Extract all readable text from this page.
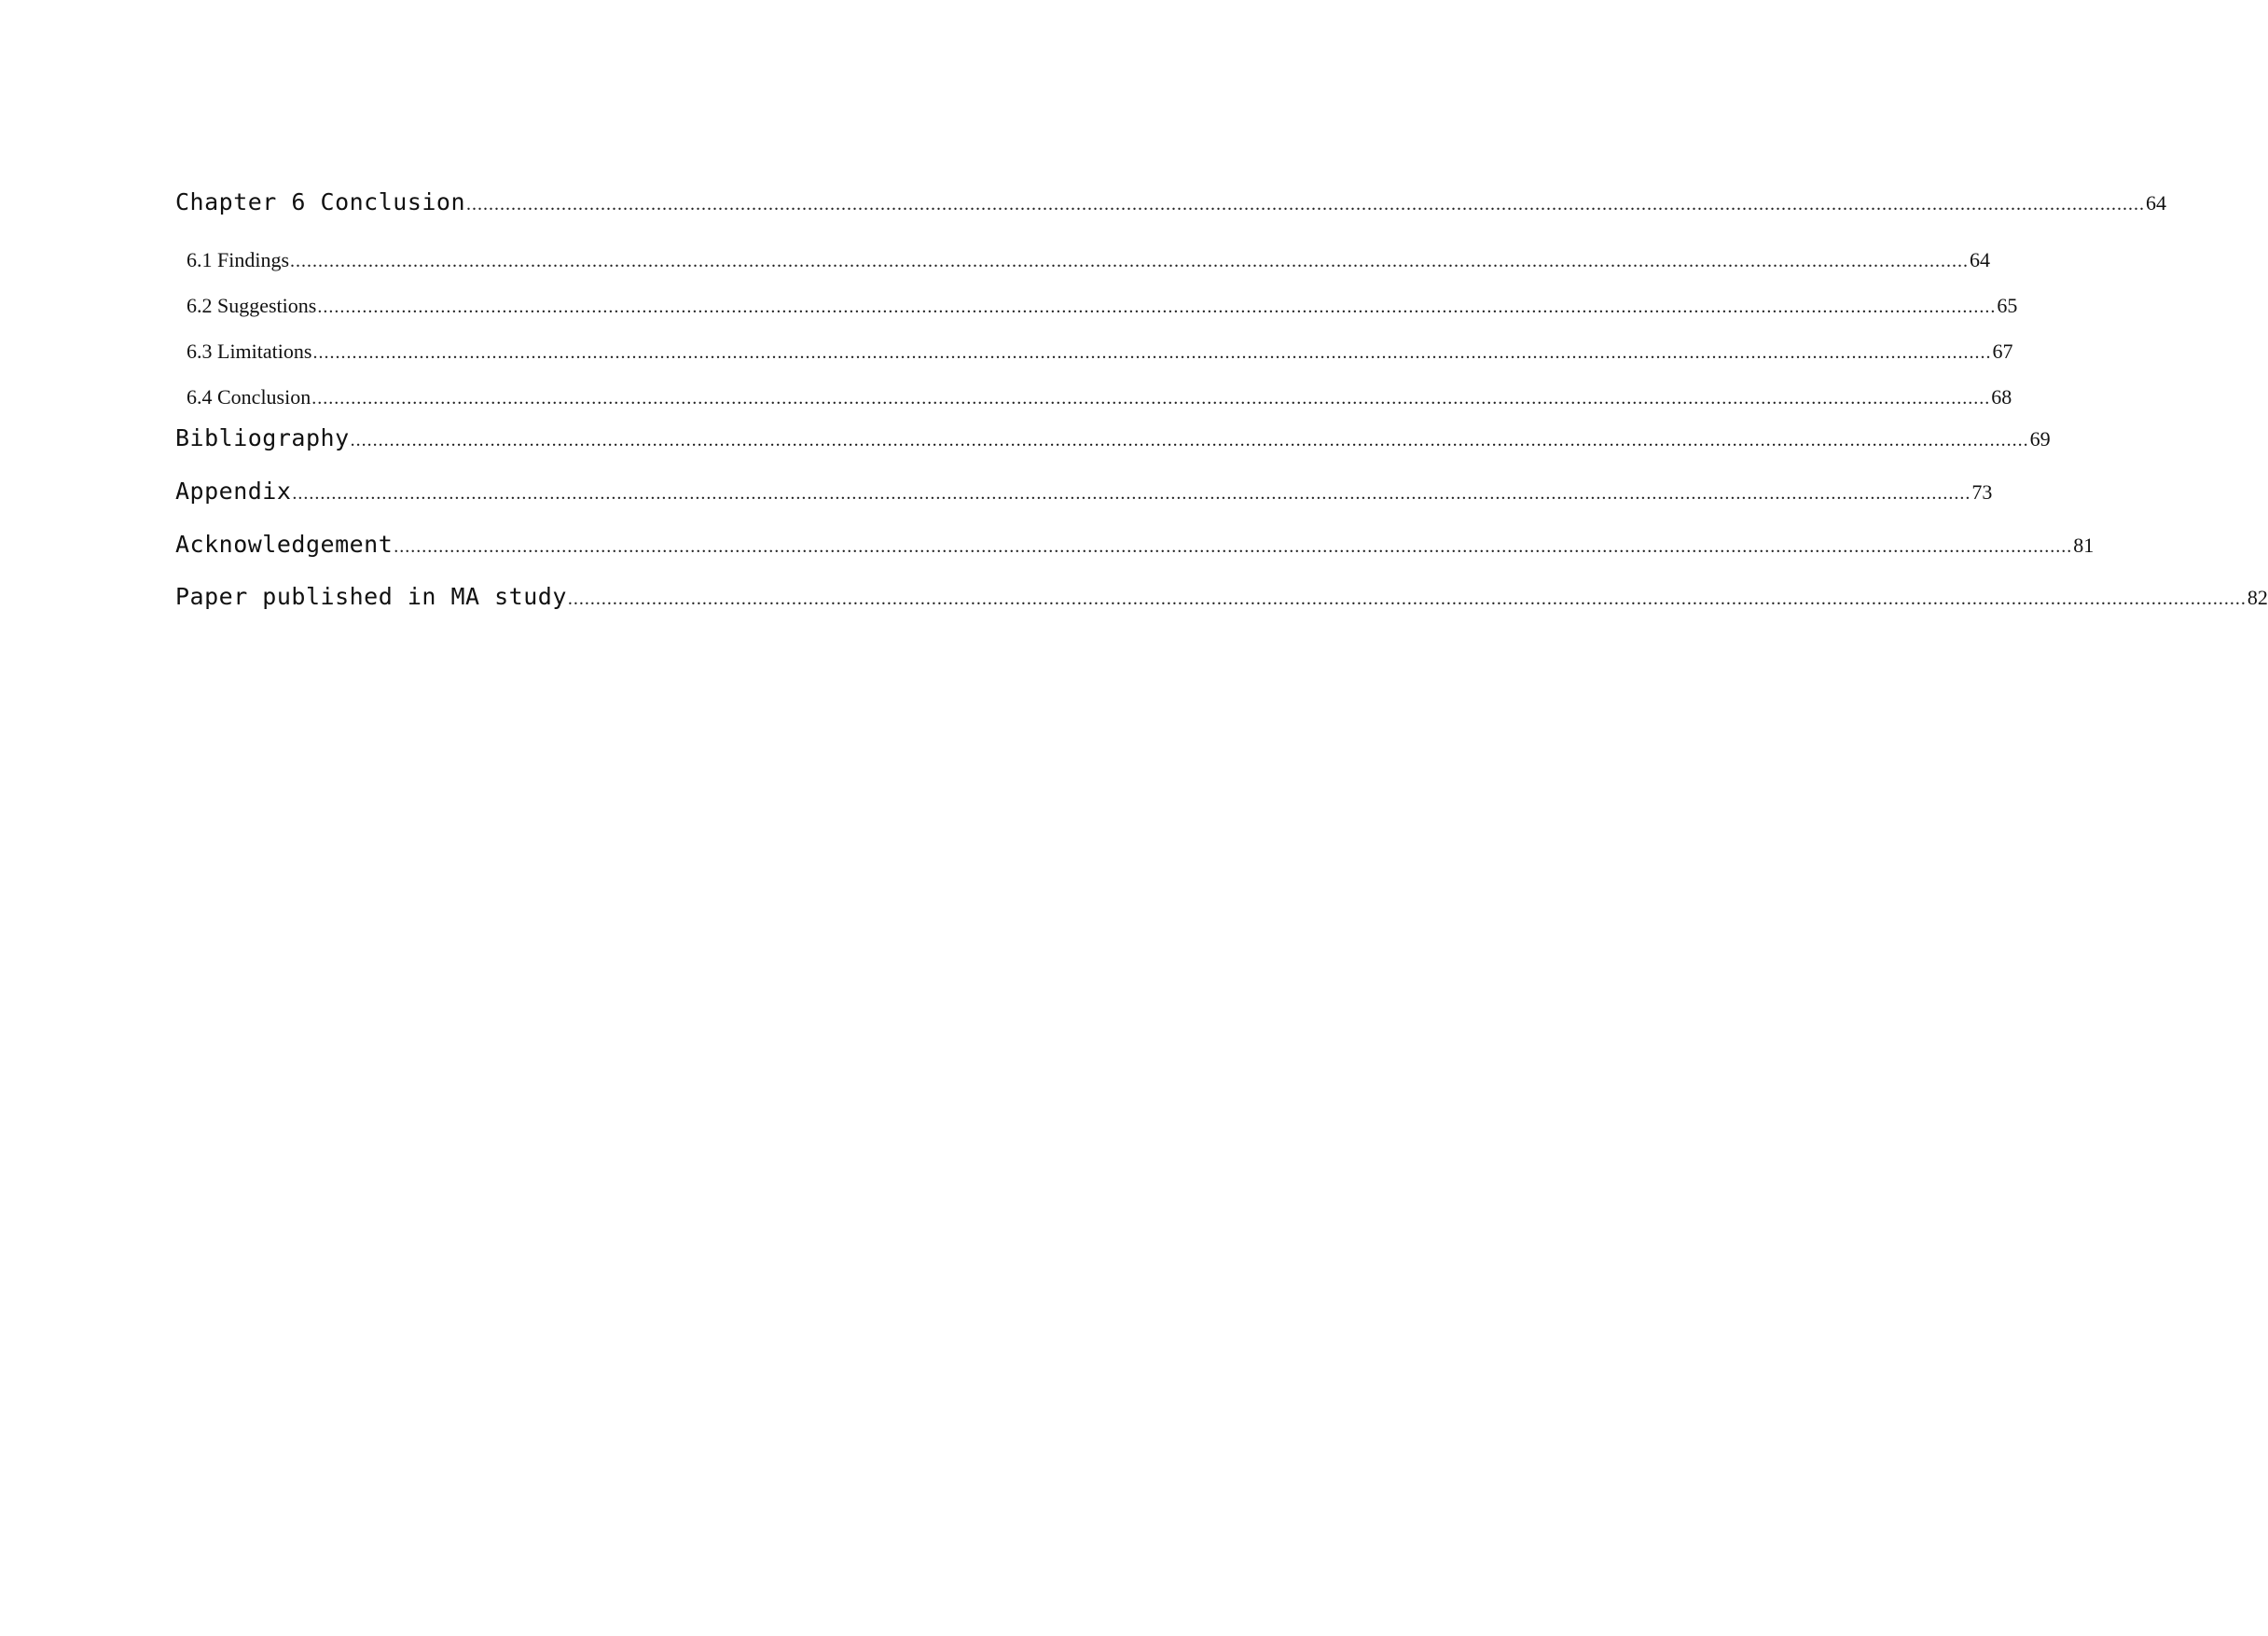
Chapter 6 Conclusion ............................................................................................................................................................................................................................................................................................................ 64
6.1 Findings ............................................................................................................................................................................................................................................................................................................ 64
6.2 Suggestions ............................................................................................................................................................................................................................................................................................................ 65
6.3 Limitations ............................................................................................................................................................................................................................................................................................................ 67
6.4 Conclusion ............................................................................................................................................................................................................................................................................................................ 68
Bibliography ............................................................................................................................................................................................................................................................................................................ 69
Appendix ............................................................................................................................................................................................................................................................................................................ 73
Acknowledgement ............................................................................................................................................................................................................................................................................................................ 81
Paper published in MA study ............................................................................................................................................................................................................................................................................................................ 82
